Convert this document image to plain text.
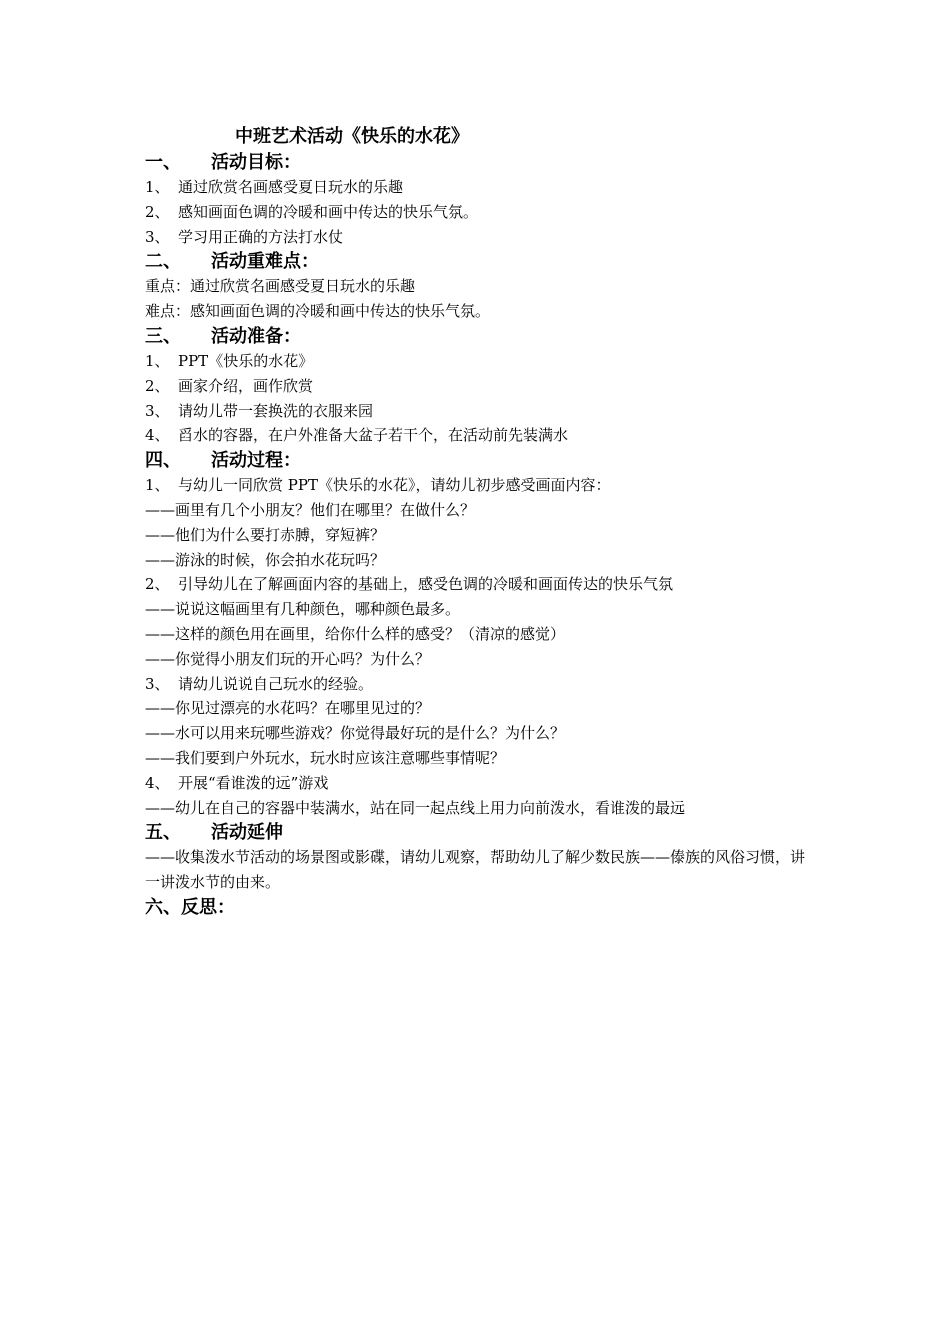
中班艺术活动《快乐的水花》

一、	活动目标：

1、 通过欣赏名画感受夏日玩水的乐趣

2、 感知画面色调的冷暖和画中传达的快乐气氛。

3、 学习用正确的方法打水仗

二、	活动重难点：

重点：通过欣赏名画感受夏日玩水的乐趣

难点：感知画面色调的冷暖和画中传达的快乐气氛。

三、	活动准备：

1、 PPT《快乐的水花》

2、 画家介绍，画作欣赏

3、 请幼儿带一套换洗的衣服来园

4、 舀水的容器，在户外准备大盆子若干个，在活动前先装满水

四、	活动过程：

1、 与幼儿一同欣赏 PPT《快乐的水花》，请幼儿初步感受画面内容：

——画里有几个小朋友？他们在哪里？在做什么？

——他们为什么要打赤膊，穿短裤？

——游泳的时候，你会拍水花玩吗？

2、 引导幼儿在了解画面内容的基础上，感受色调的冷暖和画面传达的快乐气氛

——说说这幅画里有几种颜色，哪种颜色最多。

——这样的颜色用在画里，给你什么样的感受？（清凉的感觉）

——你觉得小朋友们玩的开心吗？为什么？

3、 请幼儿说说自己玩水的经验。

——你见过漂亮的水花吗？在哪里见过的？

——水可以用来玩哪些游戏？你觉得最好玩的是什么？为什么？

——我们要到户外玩水，玩水时应该注意哪些事情呢？

4、 开展“看谁泼的远”游戏

——幼儿在自己的容器中装满水，站在同一起点线上用力向前泼水，看谁泼的最远

五、	活动延伸

——收集泼水节活动的场景图或影碟，请幼儿观察，帮助幼儿了解少数民族——傣族的风俗习惯，讲一讲泼水节的由来。

六、反思：
